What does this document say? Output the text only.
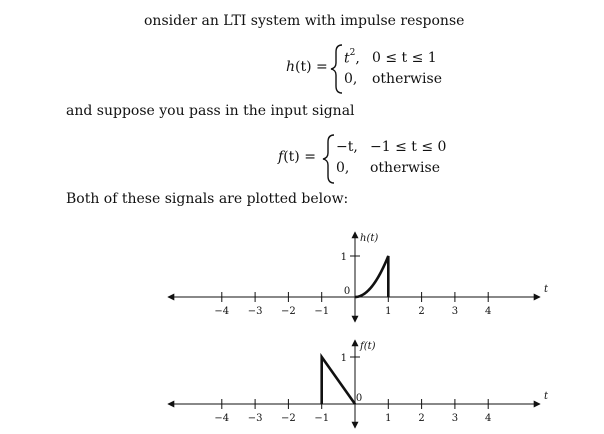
onsider an LTI system with impulse response
and suppose you pass in the input signal
Both of these signals are plotted below:
h(t) =
$t^2$, 0 ≤ t ≤ 1
0, otherwise
f(t) =
−t, −1 ≤ t ≤ 0
0, otherwise
−4 −3 −2 −1	1	2	3	4
1
0
h(t)
t
−4 −3 −2 −1	1	2	3	4
1
0
f(t)
t
